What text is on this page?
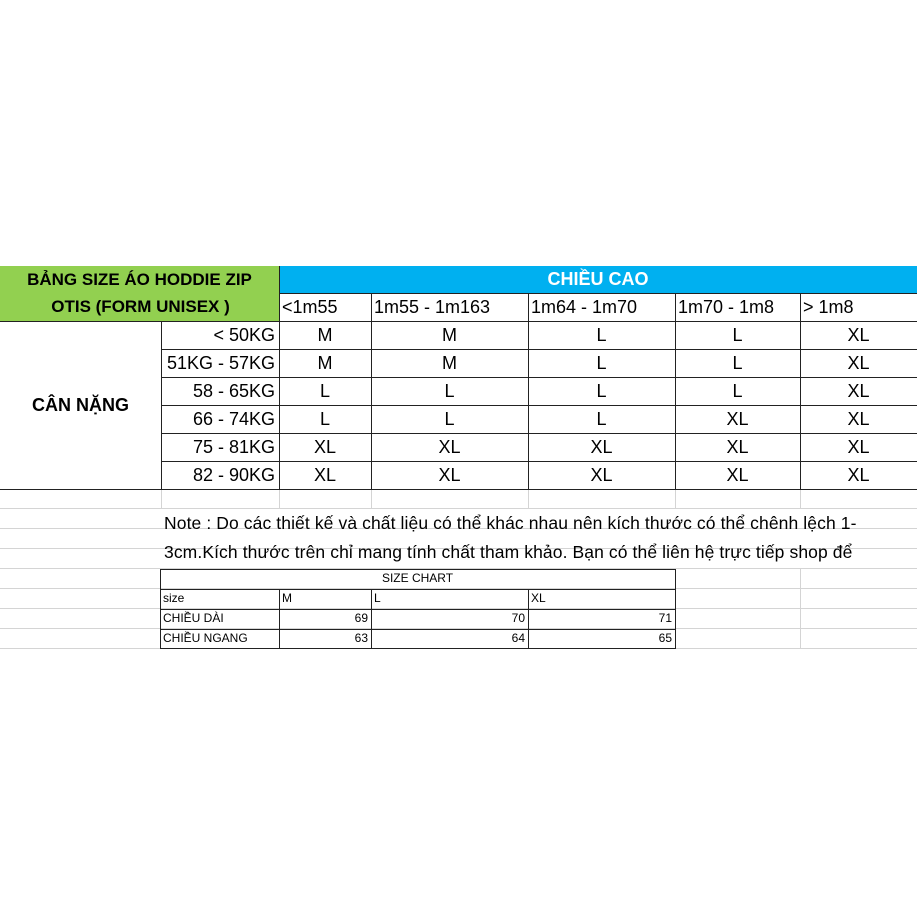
BẢNG SIZE ÁO HODDIE ZIP
OTIS (FORM UNISEX )
CHIỀU CAO
<1m55	1m55 - 1m163	1m64 - 1m70	1m70 - 1m8	> 1m8
CÂN NẶNG
< 50KG	M	M	L	L	XL
51KG - 57KG	M	M	L	L	XL
58 - 65KG	L	L	L	L	XL
66 - 74KG	L	L	L	XL	XL
75 - 81KG	XL	XL	XL	XL	XL
82 - 90KG	XL	XL	XL	XL	XL
Note : Do các thiết kế và chất liệu có thể khác nhau nên kích thước có thể chênh lệch 1-
3cm.Kích thước trên chỉ mang tính chất tham khảo. Bạn có thể liên hệ trực tiếp shop để
SIZE CHART
size	M	L	XL
CHIỀU DÀI	69	70	71
CHIỀU NGANG	63	64	65
